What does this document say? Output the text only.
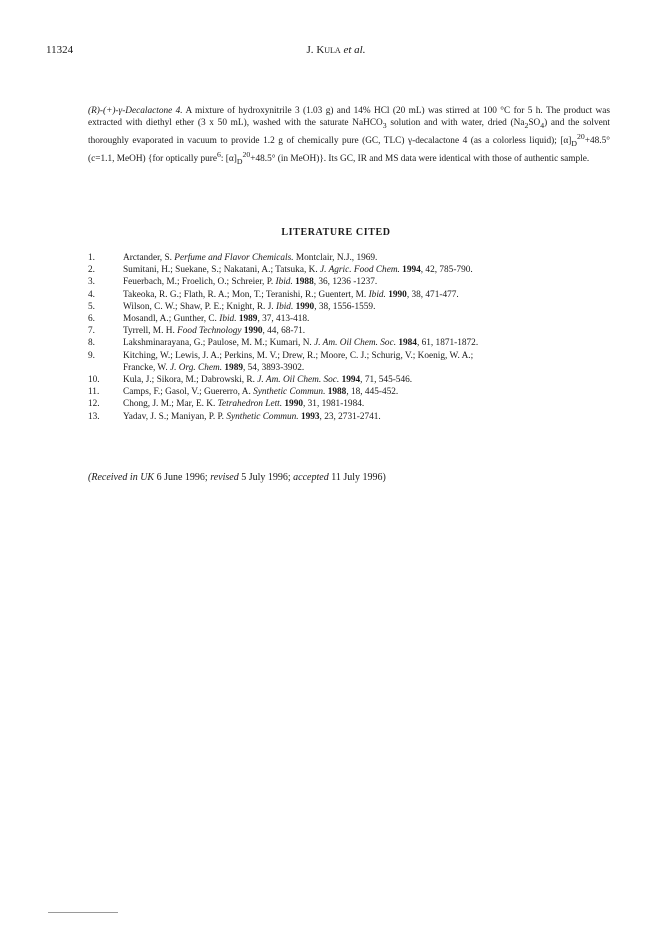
11324	J. Kula et al.

(R)-(+)-γ-Decalactone 4. A mixture of hydroxynitrile 3 (1.03 g) and 14% HCl (20 mL) was stirred at 100 °C for 5 h. The product was extracted with diethyl ether (3 x 50 mL), washed with the saturate NaHCO$_3$ solution and with water, dried $(Na_2SO_4)$ and the solvent thoroughly evaporated in vacuum to provide 1.2 g of chemically pure (GC, TLC) γ-decalactone 4 (as a colorless liquid); $[\alpha]_D^{20}+48.5^\circ$ (c=1.1, MeOH) {for optically pure$^6$: $[\alpha]_D^{20}+48.5^\circ$ (in MeOH)}. Its GC, IR and MS data were identical with those of authentic sample.

LITERATURE CITED
1.	Arctander, S. Perfume and Flavor Chemicals. Montclair, N.J., 1969.
2.	Sumitani, H.; Suekane, S.; Nakatani, A.; Tatsuka, K. J. Agric. Food Chem. 1994, 42, 785-790.
3.	Feuerbach, M.; Froelich, O.; Schreier, P. Ibid. 1988, 36, 1236 -1237.
4.	Takeoka, R. G.; Flath, R. A.; Mon, T.; Teranishi, R.; Guentert, M. Ibid. 1990, 38, 471-477.
5.	Wilson, C. W.; Shaw, P. E.; Knight, R. J. Ibid. 1990, 38, 1556-1559.
6.	Mosandl, A.; Gunther, C. Ibid. 1989, 37, 413-418.
7.	Tyrrell, M. H. Food Technology 1990, 44, 68-71.
8.	Lakshminarayana, G.; Paulose, M. M.; Kumari, N. J. Am. Oil Chem. Soc. 1984, 61, 1871-1872.
9.	Kitching, W.; Lewis, J. A.; Perkins, M. V.; Drew, R.; Moore, C. J.; Schurig, V.; Koenig, W. A.;
Francke, W. J. Org. Chem. 1989, 54, 3893-3902.
10.	Kula, J.; Sikora, M.; Dabrowski, R. J. Am. Oil Chem. Soc. 1994, 71, 545-546.
11.	Camps, F.; Gasol, V.; Guererro, A. Synthetic Commun. 1988, 18, 445-452.
12.	Chong, J. M.; Mar, E. K. Tetrahedron Lett. 1990, 31, 1981-1984.
13.	Yadav, J. S.; Maniyan, P. P. Synthetic Commun. 1993, 23, 2731-2741.
(Received in UK 6 June 1996; revised 5 July 1996; accepted 11 July 1996)
